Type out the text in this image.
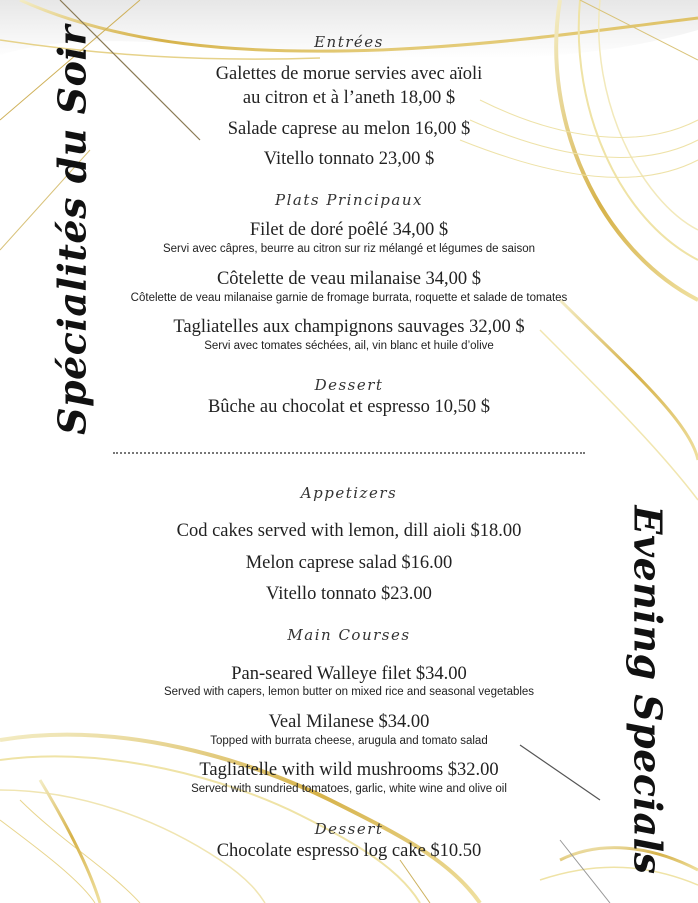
Spécialités du Soir
Evening Specials
Entrées
Galettes de morue servies avec aïoli
au citron et à l’aneth 18,00 $
Salade caprese au melon 16,00 $
Vitello tonnato 23,00 $
Plats Principaux
Filet de doré poêlé 34,00 $
Servi avec câpres, beurre au citron sur riz mélangé et légumes de saison
Côtelette de veau milanaise 34,00 $
Côtelette de veau milanaise garnie de fromage burrata, roquette et salade de tomates
Tagliatelles aux champignons sauvages 32,00 $
Servi avec tomates séchées, ail, vin blanc et huile d’olive
Dessert
Bûche au chocolat et espresso 10,50 $
Appetizers
Cod cakes served with lemon, dill aioli $18.00
Melon caprese salad $16.00
Vitello tonnato $23.00
Main Courses
Pan-seared Walleye filet $34.00
Served with capers, lemon butter on mixed rice and seasonal vegetables
Veal Milanese $34.00
Topped with burrata cheese, arugula and tomato salad
Tagliatelle with wild mushrooms $32.00
Served with sundried tomatoes, garlic, white wine and olive oil
Dessert
Chocolate espresso log cake $10.50
